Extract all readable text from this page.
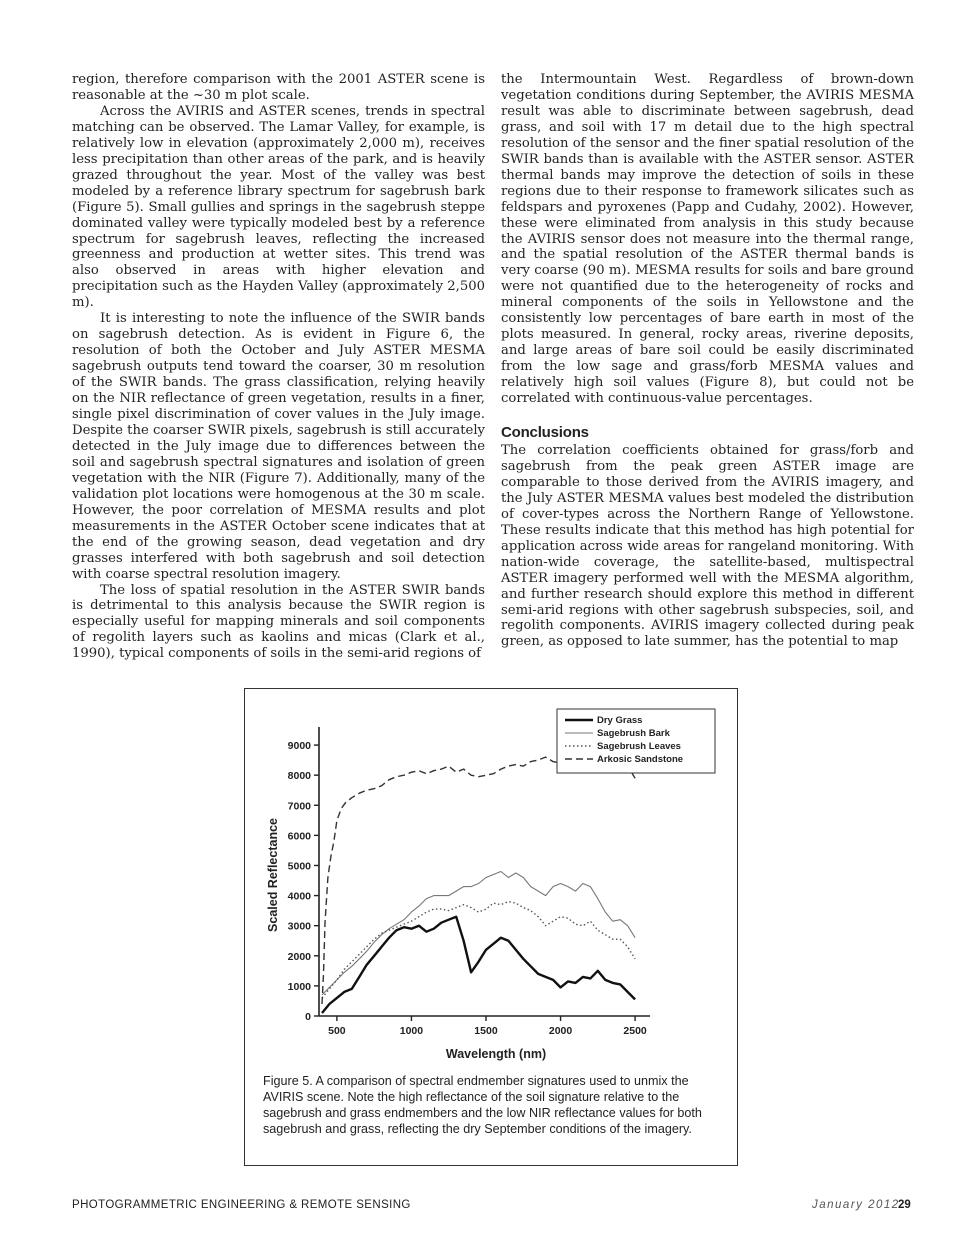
region, therefore comparison with the 2001 ASTER scene is reasonable at the ~30 m plot scale.

Across the AVIRIS and ASTER scenes, trends in spectral matching can be observed. The Lamar Valley, for example, is relatively low in elevation (approximately 2,000 m), receives less precipitation than other areas of the park, and is heavily grazed throughout the year. Most of the valley was best modeled by a reference library spectrum for sagebrush bark (Figure 5). Small gullies and springs in the sagebrush steppe dominated valley were typically modeled best by a reference spectrum for sagebrush leaves, reflecting the increased greenness and production at wetter sites. This trend was also observed in areas with higher elevation and precipitation such as the Hayden Valley (approximately 2,500 m).

It is interesting to note the influence of the SWIR bands on sagebrush detection. As is evident in Figure 6, the resolution of both the October and July ASTER MESMA sagebrush outputs tend toward the coarser, 30 m resolution of the SWIR bands. The grass classification, relying heavily on the NIR reflectance of green vegetation, results in a finer, single pixel discrimination of cover values in the July image. Despite the coarser SWIR pixels, sagebrush is still accurately detected in the July image due to differences between the soil and sagebrush spectral signatures and isolation of green vegetation with the NIR (Figure 7). Additionally, many of the validation plot locations were homogenous at the 30 m scale. However, the poor correlation of MESMA results and plot measurements in the ASTER October scene indicates that at the end of the growing season, dead vegetation and dry grasses interfered with both sagebrush and soil detection with coarse spectral resolution imagery.

The loss of spatial resolution in the ASTER SWIR bands is detrimental to this analysis because the SWIR region is especially useful for mapping minerals and soil components of regolith layers such as kaolins and micas (Clark et al., 1990), typical components of soils in the semi-arid regions of

the Intermountain West. Regardless of brown-down vegetation conditions during September, the AVIRIS MESMA result was able to discriminate between sagebrush, dead grass, and soil with 17 m detail due to the high spectral resolution of the sensor and the finer spatial resolution of the SWIR bands than is available with the ASTER sensor. ASTER thermal bands may improve the detection of soils in these regions due to their response to framework silicates such as feldspars and pyroxenes (Papp and Cudahy, 2002). However, these were eliminated from analysis in this study because the AVIRIS sensor does not measure into the thermal range, and the spatial resolution of the ASTER thermal bands is very coarse (90 m). MESMA results for soils and bare ground were not quantified due to the heterogeneity of rocks and mineral components of the soils in Yellowstone and the consistently low percentages of bare earth in most of the plots measured. In general, rocky areas, riverine deposits, and large areas of bare soil could be easily discriminated from the low sage and grass/forb MESMA values and relatively high soil values (Figure 8), but could not be correlated with continuous-value percentages.

Conclusions

The correlation coefficients obtained for grass/forb and sagebrush from the peak green ASTER image are comparable to those derived from the AVIRIS imagery, and the July ASTER MESMA values best modeled the distribution of cover-types across the Northern Range of Yellowstone. These results indicate that this method has high potential for application across wide areas for rangeland monitoring. With nation-wide coverage, the satellite-based, multispectral ASTER imagery performed well with the MESMA algorithm, and further research should explore this method in different semi-arid regions with other sagebrush subspecies, soil, and regolith components. AVIRIS imagery collected during peak green, as opposed to late summer, has the potential to map

0
1000
2000
3000
4000
5000
6000
7000
8000
9000
500	1000	1500	2000	2500
Dry Grass
Sagebrush Bark
Sagebrush Leaves
Arkosic Sandstone
Wavelength (nm)
Scaled Reflectance
Figure 5. A comparison of spectral endmember signatures used to unmix the AVIRIS scene. Note the high reflectance of the soil signature relative to the sagebrush and grass endmembers and the low NIR reflectance values for both sagebrush and grass, reflecting the dry September conditions of the imagery.
PHOTOGRAMMETRIC ENGINEERING & REMOTE SENSING	January 2012
29
